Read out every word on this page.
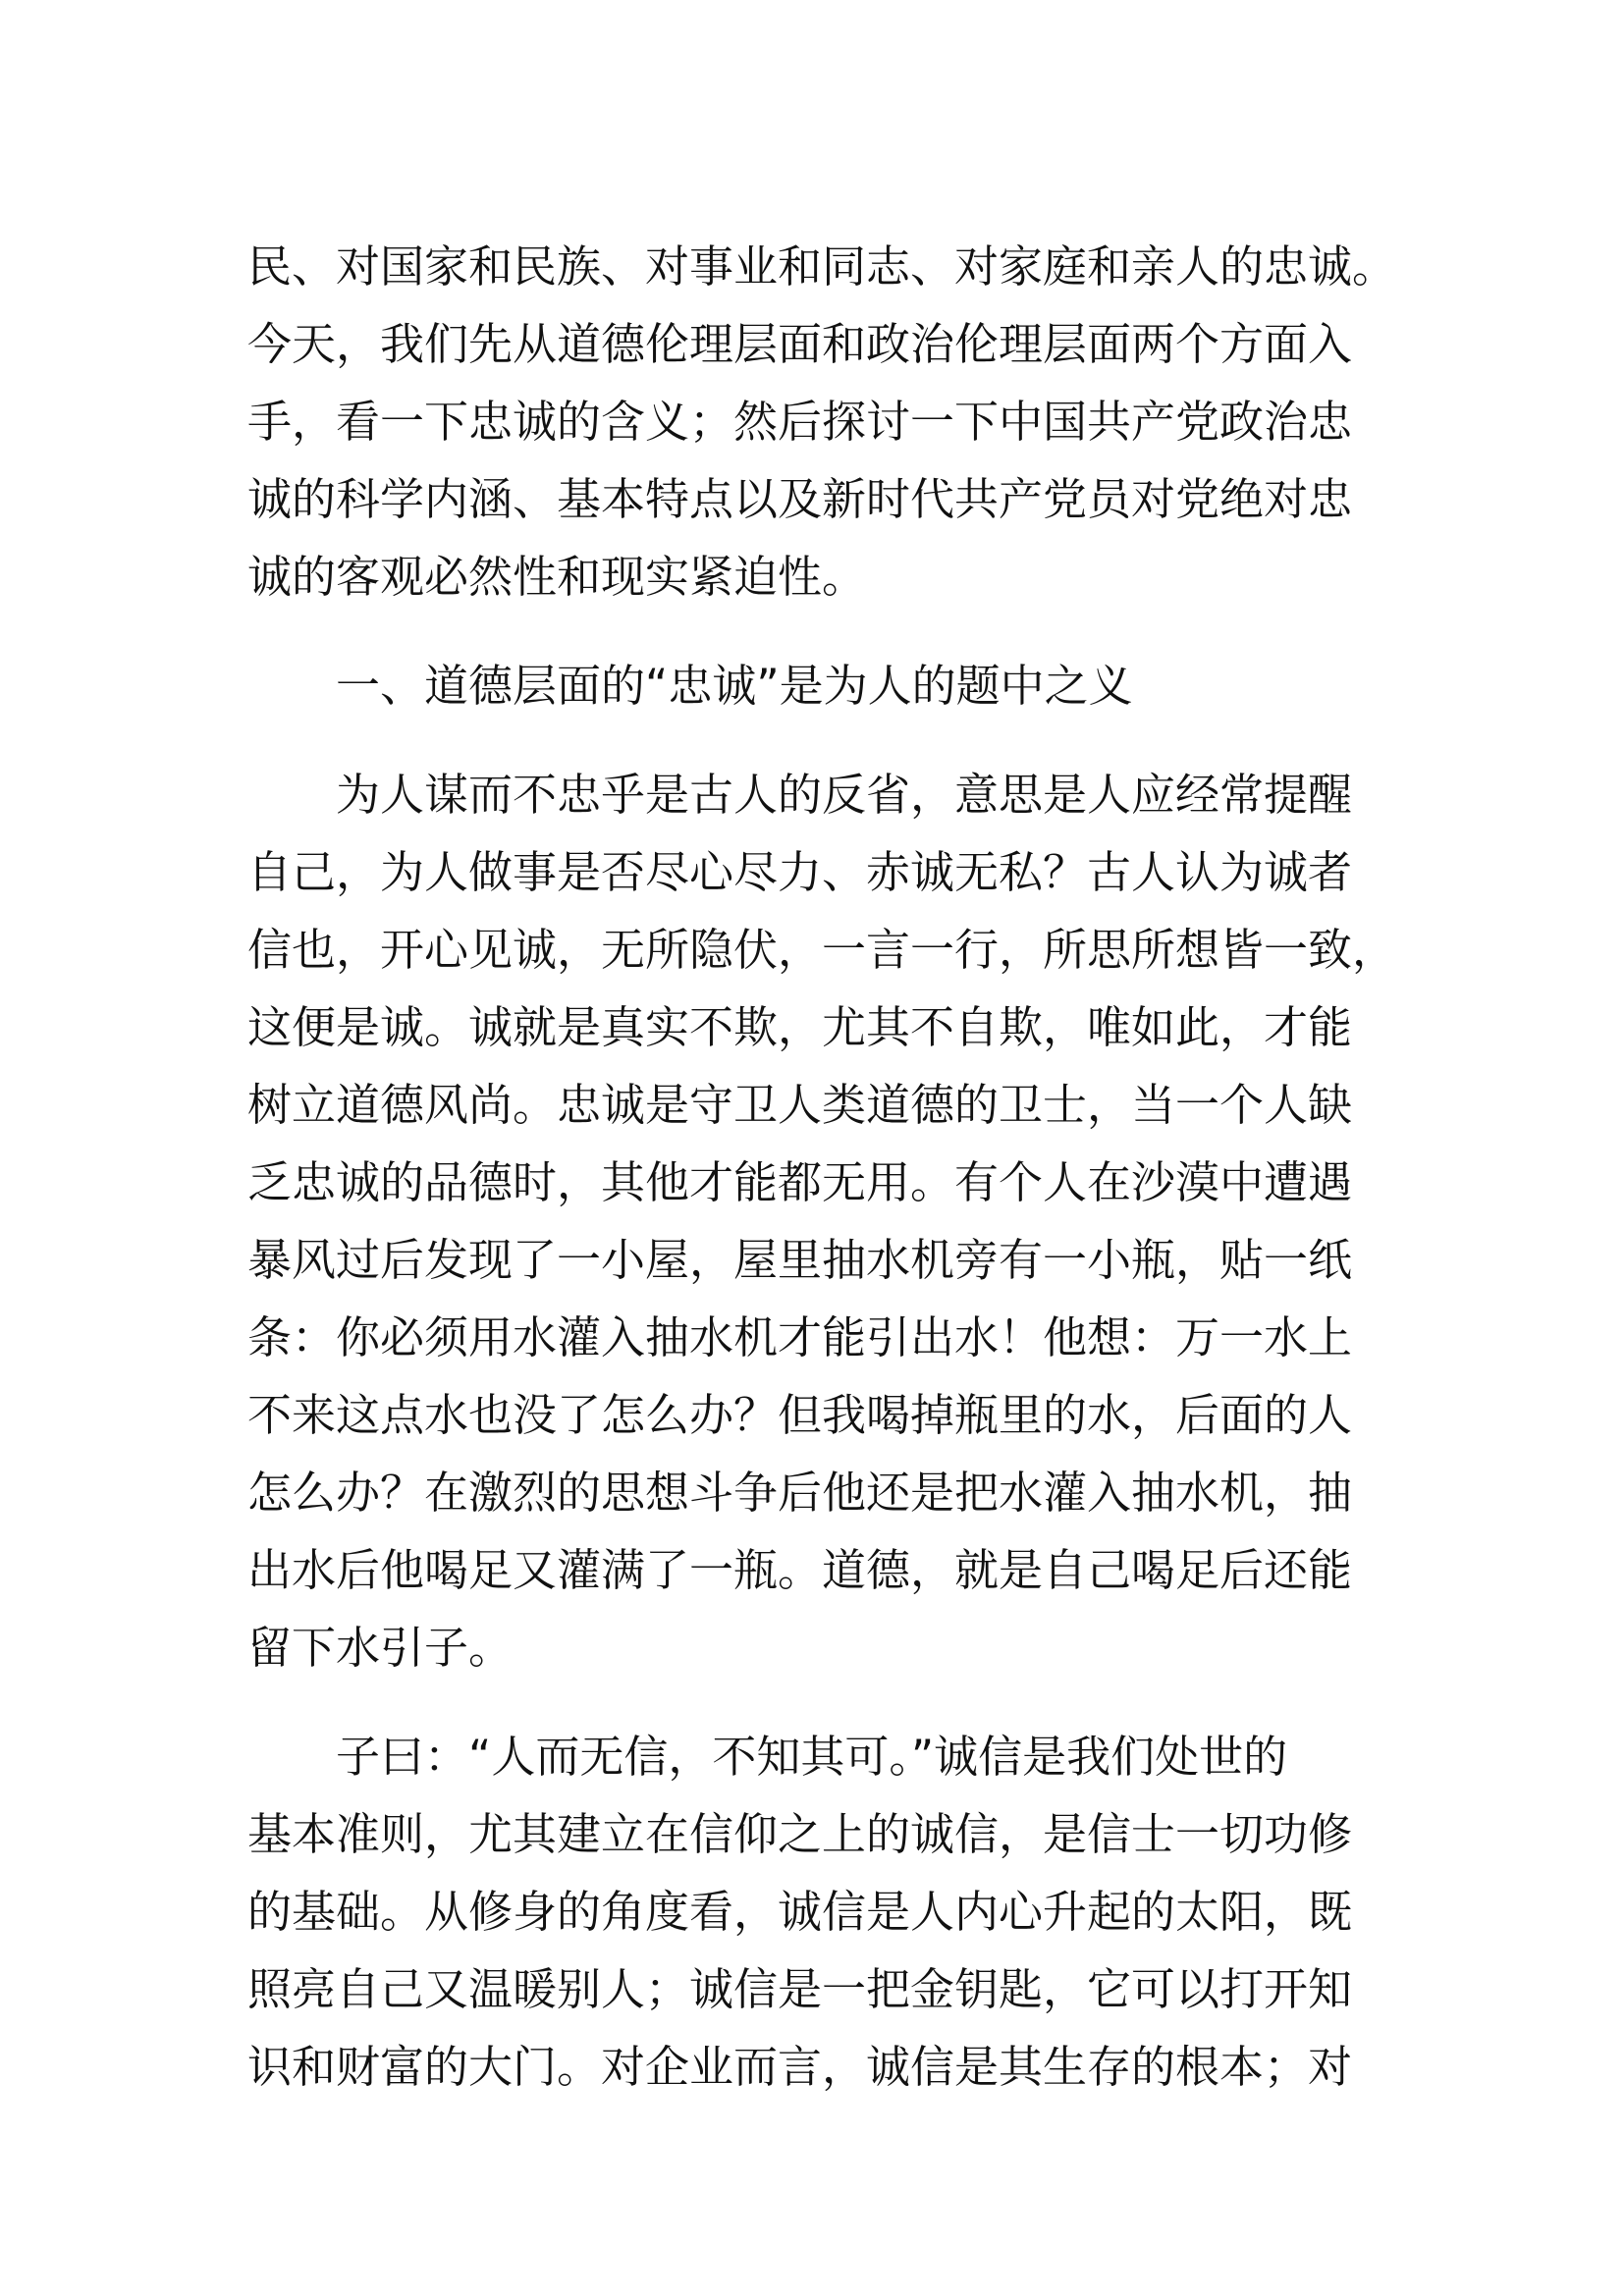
民、对国家和民族、对事业和同志、对家庭和亲人的忠诚。
今天，我们先从道德伦理层面和政治伦理层面两个方面入
手，看一下忠诚的含义；然后探讨一下中国共产党政治忠
诚的科学内涵、基本特点以及新时代共产党员对党绝对忠
诚的客观必然性和现实紧迫性。
一、道德层面的“忠诚”是为人的题中之义
为人谋而不忠乎是古人的反省，意思是人应经常提醒
自己，为人做事是否尽心尽力、赤诚无私？古人认为诚者
信也，开心见诚，无所隐伏，一言一行，所思所想皆一致，
这便是诚。诚就是真实不欺，尤其不自欺，唯如此，才能
树立道德风尚。忠诚是守卫人类道德的卫士，当一个人缺
乏忠诚的品德时，其他才能都无用。有个人在沙漠中遭遇
暴风过后发现了一小屋，屋里抽水机旁有一小瓶，贴一纸
条：你必须用水灌入抽水机才能引出水！他想：万一水上
不来这点水也没了怎么办？但我喝掉瓶里的水，后面的人
怎么办？在激烈的思想斗争后他还是把水灌入抽水机，抽
出水后他喝足又灌满了一瓶。道德，就是自己喝足后还能
留下水引子。
子曰：“人而无信，不知其可。”诚信是我们处世的
基本准则，尤其建立在信仰之上的诚信，是信士一切功修
的基础。从修身的角度看，诚信是人内心升起的太阳，既
照亮自己又温暖别人；诚信是一把金钥匙，它可以打开知
识和财富的大门。对企业而言，诚信是其生存的根本；对
